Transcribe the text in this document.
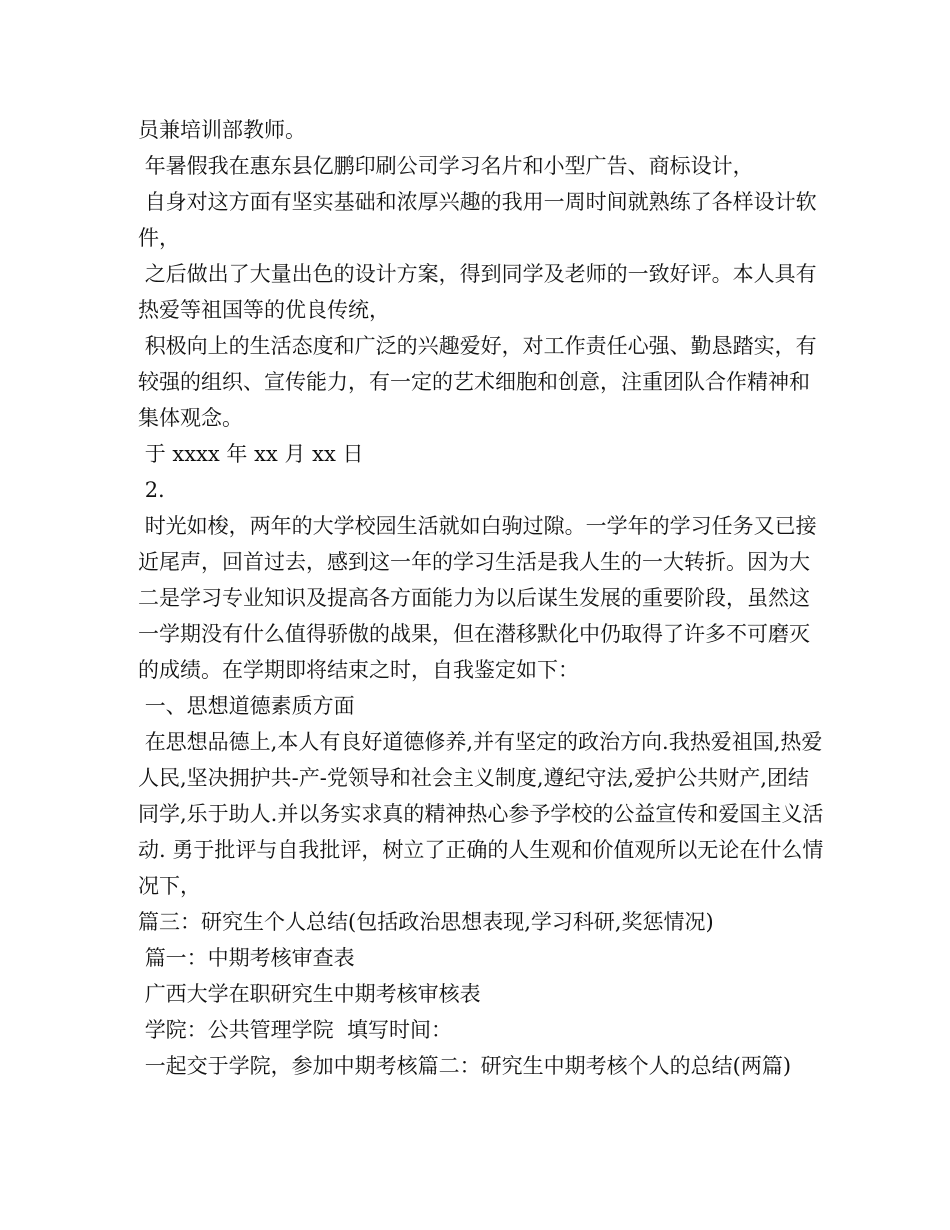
员兼培训部教师。

年暑假我在惠东县亿鹏印刷公司学习名片和小型广告、商标设计，

自身对这方面有坚实基础和浓厚兴趣的我用一周时间就熟练了各样设计软件，

之后做出了大量出色的设计方案，得到同学及老师的一致好评。本人具有热爱等祖国等的优良传统，

积极向上的生活态度和广泛的兴趣爱好，对工作责任心强、勤恳踏实，有较强的组织、宣传能力，有一定的艺术细胞和创意，注重团队合作精神和集体观念。

于 xxxx 年 xx 月 xx 日

2.

时光如梭，两年的大学校园生活就如白驹过隙。一学年的学习任务又已接近尾声，回首过去，感到这一年的学习生活是我人生的一大转折。因为大二是学习专业知识及提高各方面能力为以后谋生发展的重要阶段，虽然这一学期没有什么值得骄傲的战果，但在潜移默化中仍取得了许多不可磨灭的成绩。在学期即将结束之时，自我鉴定如下：

一、思想道德素质方面

在思想品德上,本人有良好道德修养,并有坚定的政治方向.我热爱祖国,热爱人民,坚决拥护共-产-党领导和社会主义制度,遵纪守法,爱护公共财产,团结同学,乐于助人.并以务实求真的精神热心参予学校的公益宣传和爱国主义活动. 勇于批评与自我批评，树立了正确的人生观和价值观所以无论在什么情况下，

篇三：研究生个人总结(包括政治思想表现,学习科研,奖惩情况)

篇一：中期考核审查表

广西大学在职研究生中期考核审核表

学院：公共管理学院  填写时间：

一起交于学院，参加中期考核篇二：研究生中期考核个人的总结(两篇)
